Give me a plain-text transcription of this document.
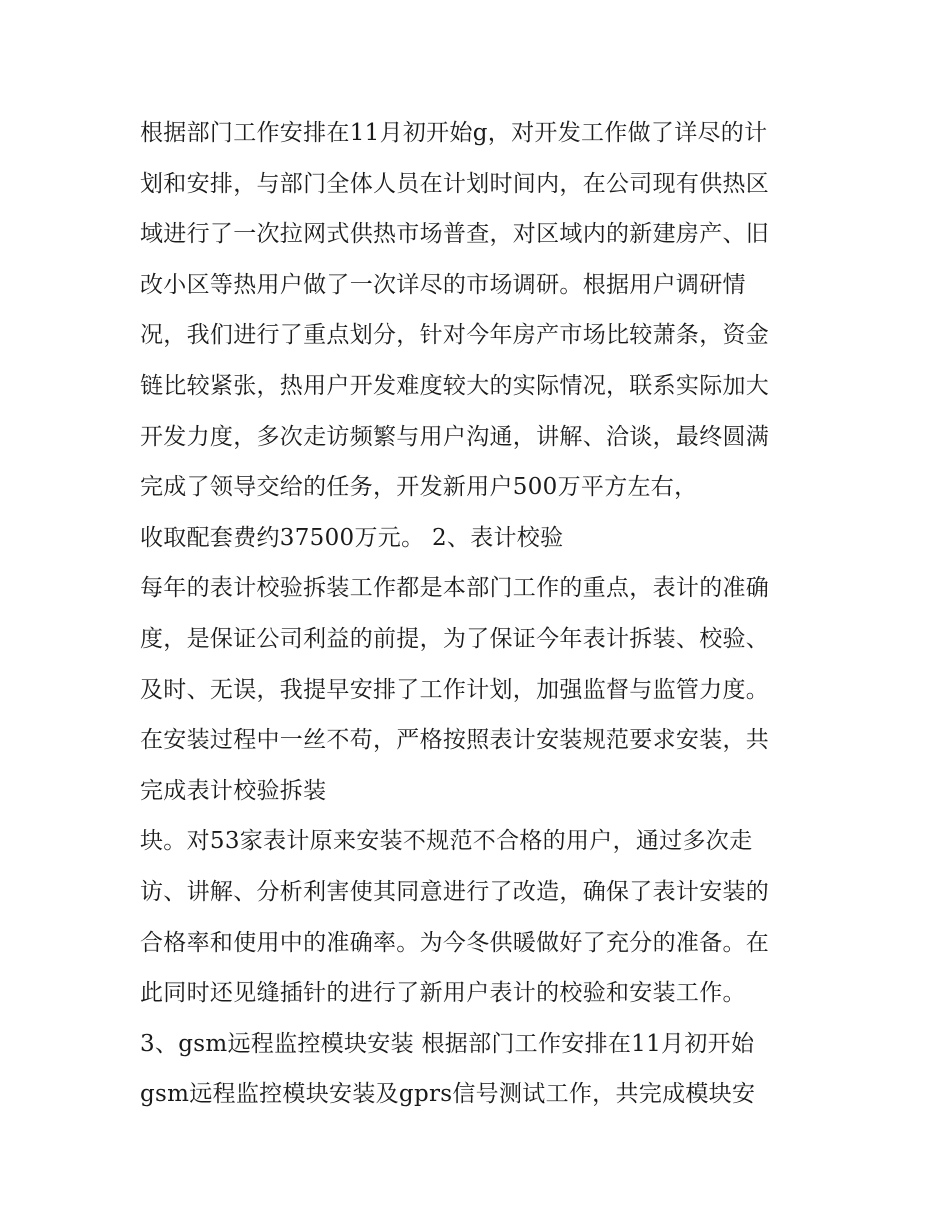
根据部门工作安排在11月初开始g，对开发工作做了详尽的计
划和安排，与部门全体人员在计划时间内，在公司现有供热区
域进行了一次拉网式供热市场普查，对区域内的新建房产、旧
改小区等热用户做了一次详尽的市场调研。根据用户调研情
况，我们进行了重点划分，针对今年房产市场比较萧条，资金
链比较紧张，热用户开发难度较大的实际情况，联系实际加大
开发力度，多次走访频繁与用户沟通，讲解、洽谈，最终圆满
完成了领导交给的任务，开发新用户500万平方左右，
收取配套费约37500万元。 2、表计校验
每年的表计校验拆装工作都是本部门工作的重点，表计的准确
度，是保证公司利益的前提，为了保证今年表计拆装、校验、
及时、无误，我提早安排了工作计划，加强监督与监管力度。
在安装过程中一丝不苟，严格按照表计安装规范要求安装，共
完成表计校验拆装
块。对53家表计原来安装不规范不合格的用户，通过多次走
访、讲解、分析利害使其同意进行了改造，确保了表计安装的
合格率和使用中的准确率。为今冬供暖做好了充分的准备。在
此同时还见缝插针的进行了新用户表计的校验和安装工作。
3、gsm远程监控模块安装 根据部门工作安排在11月初开始
gsm远程监控模块安装及gprs信号测试工作，共完成模块安
